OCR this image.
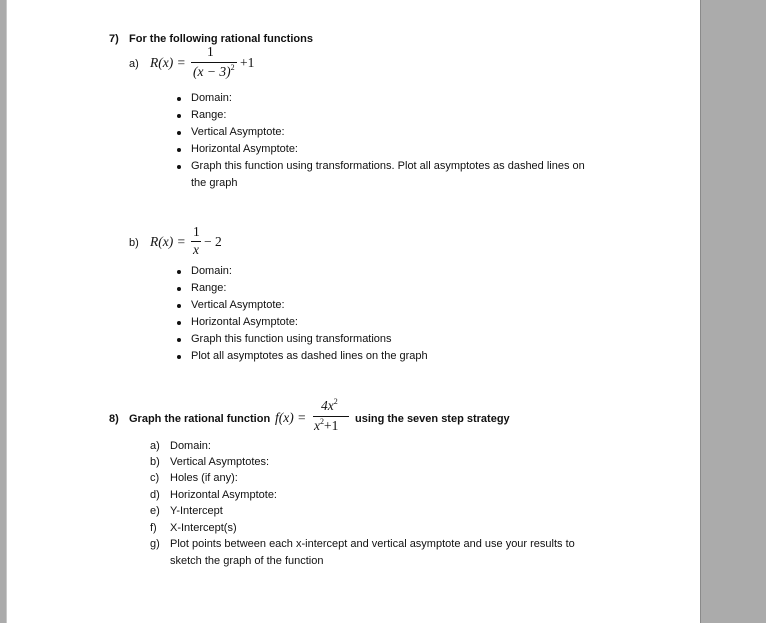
7) For the following rational functions
a) R(x) =
1
$(x - 3)^2 +1$
Domain:
Range:
Vertical Asymptote:
Horizontal Asymptote:
Graph this function using transformations. Plot all asymptotes as dashed lines on
the graph
b) R(x) =
1
x
− 2
Domain:
Range:
Vertical Asymptote:
Horizontal Asymptote:
Graph this function using transformations
Plot all asymptotes as dashed lines on the graph
8) Graph the rational function f(x) =
$4x^2$
$x^2+1$ using the seven step strategy
a) Domain:
b) Vertical Asymptotes:
c) Holes (if any):
d) Horizontal Asymptote:
e) Y-Intercept
f) X-Intercept(s)
g) Plot points between each x-intercept and vertical asymptote and use your results to
sketch the graph of the function
